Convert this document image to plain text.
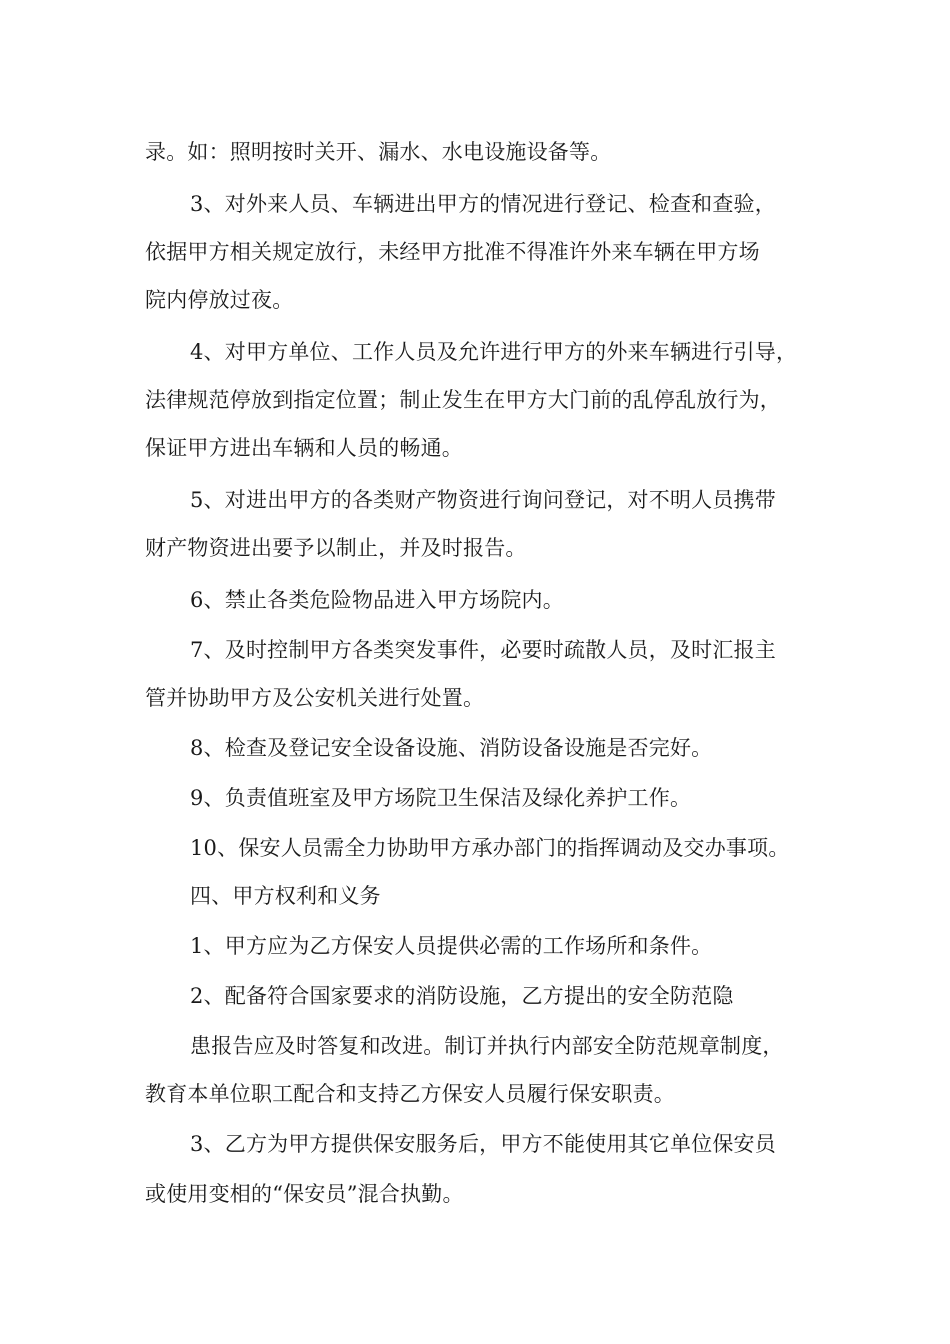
录。如：照明按时关开、漏水、水电设施设备等。
3、对外来人员、车辆进出甲方的情况进行登记、检查和查验，
依据甲方相关规定放行，未经甲方批准不得准许外来车辆在甲方场
院内停放过夜。
4、对甲方单位、工作人员及允许进行甲方的外来车辆进行引导，
法律规范停放到指定位置；制止发生在甲方大门前的乱停乱放行为，
保证甲方进出车辆和人员的畅通。
5、对进出甲方的各类财产物资进行询问登记，对不明人员携带
财产物资进出要予以制止，并及时报告。
6、禁止各类危险物品进入甲方场院内。
7、及时控制甲方各类突发事件，必要时疏散人员，及时汇报主
管并协助甲方及公安机关进行处置。
8、检查及登记安全设备设施、消防设备设施是否完好。
9、负责值班室及甲方场院卫生保洁及绿化养护工作。
10、保安人员需全力协助甲方承办部门的指挥调动及交办事项。
四、甲方权利和义务
1、甲方应为乙方保安人员提供必需的工作场所和条件。
2、配备符合国家要求的消防设施，乙方提出的安全防范隐
患报告应及时答复和改进。制订并执行内部安全防范规章制度，
教育本单位职工配合和支持乙方保安人员履行保安职责。
3、乙方为甲方提供保安服务后，甲方不能使用其它单位保安员
或使用变相的“保安员”混合执勤。
